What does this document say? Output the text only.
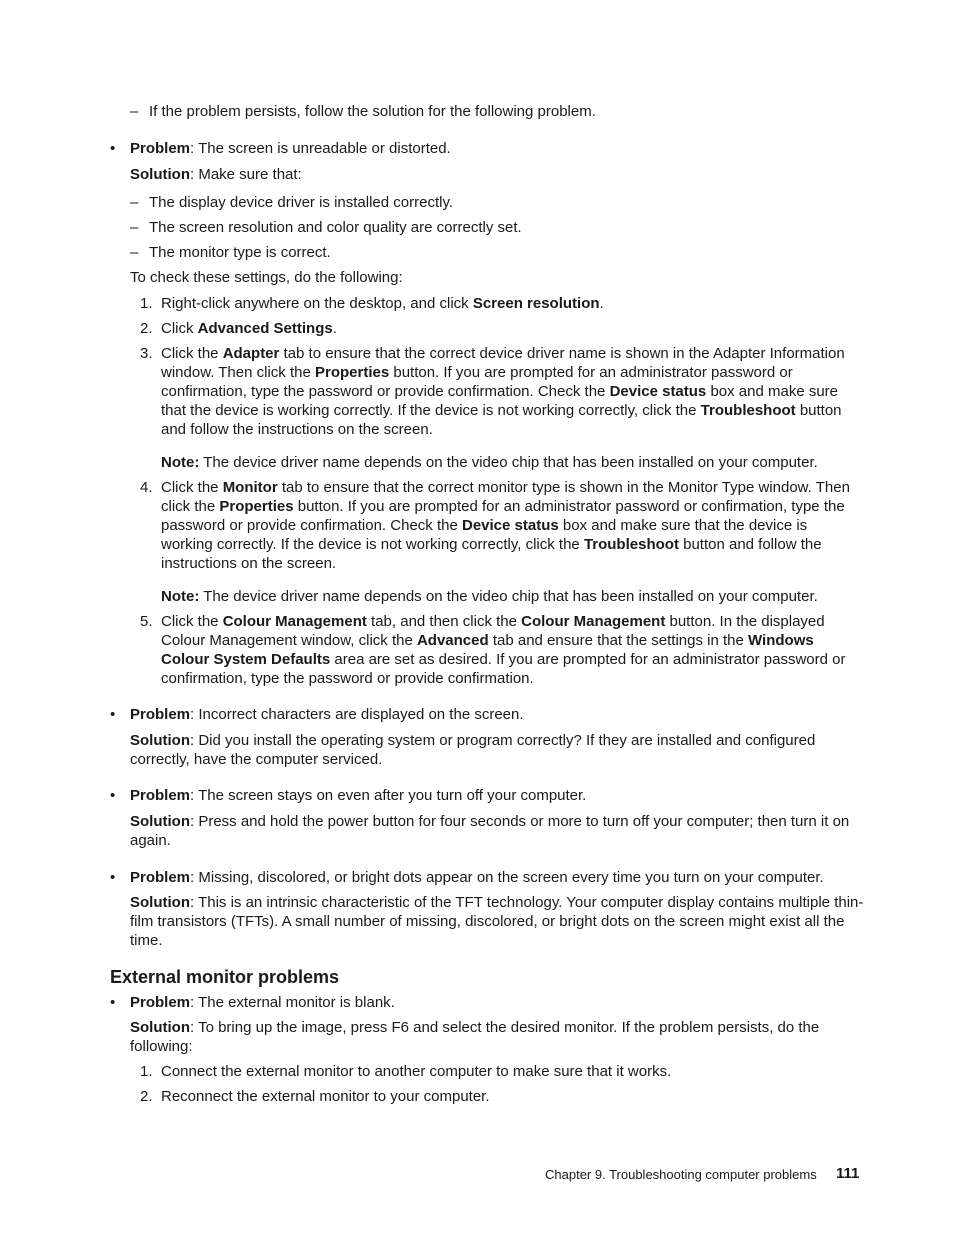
– If the problem persists, follow the solution for the following problem.
• Problem: The screen is unreadable or distorted.
Solution: Make sure that:
– The display device driver is installed correctly.
– The screen resolution and color quality are correctly set.
– The monitor type is correct.
To check these settings, do the following:
1. Right-click anywhere on the desktop, and click Screen resolution.
2. Click Advanced Settings.
3. Click the Adapter tab to ensure that the correct device driver name is shown in the Adapter Information window. Then click the Properties button. If you are prompted for an administrator password or confirmation, type the password or provide confirmation. Check the Device status box and make sure that the device is working correctly. If the device is not working correctly, click the Troubleshoot button and follow the instructions on the screen.
Note: The device driver name depends on the video chip that has been installed on your computer.
4. Click the Monitor tab to ensure that the correct monitor type is shown in the Monitor Type window. Then click the Properties button. If you are prompted for an administrator password or confirmation, type the password or provide confirmation. Check the Device status box and make sure that the device is working correctly. If the device is not working correctly, click the Troubleshoot button and follow the instructions on the screen.
Note: The device driver name depends on the video chip that has been installed on your computer.
5. Click the Colour Management tab, and then click the Colour Management button. In the displayed Colour Management window, click the Advanced tab and ensure that the settings in the Windows Colour System Defaults area are set as desired. If you are prompted for an administrator password or confirmation, type the password or provide confirmation.
• Problem: Incorrect characters are displayed on the screen.
Solution: Did you install the operating system or program correctly? If they are installed and configured correctly, have the computer serviced.
• Problem: The screen stays on even after you turn off your computer.
Solution: Press and hold the power button for four seconds or more to turn off your computer; then turn it on again.
• Problem: Missing, discolored, or bright dots appear on the screen every time you turn on your computer.
Solution: This is an intrinsic characteristic of the TFT technology. Your computer display contains multiple thin-film transistors (TFTs). A small number of missing, discolored, or bright dots on the screen might exist all the time.
External monitor problems
• Problem: The external monitor is blank.
Solution: To bring up the image, press F6 and select the desired monitor. If the problem persists, do the following:
1. Connect the external monitor to another computer to make sure that it works.
2. Reconnect the external monitor to your computer.
Chapter 9. Troubleshooting computer problems 111
